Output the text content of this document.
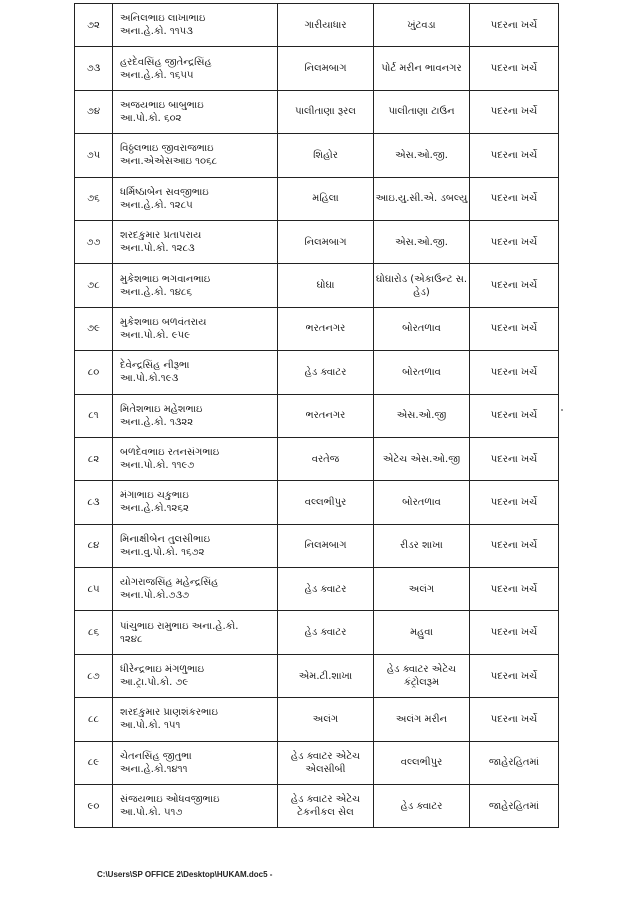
૭૨	અનિલભાઇ લાખાભાઇ
અના.હે.કો. ૧૧૫૩	ગારીયાધાર	ખુંટવડા	પદરના ખર્ચે

૭૩	હરદેવસિંહ જીતેન્દ્રસિંહ
અના.હે.કો. ૧૬૫૫	નિલમબાગ	પોર્ટ મરીન ભાવનગર	પદરના ખર્ચે

૭૪	અજયભાઇ બાબુભાઇ
આ.પો.કો. ૬૦૨	પાલીતાણા રૂરલ	પાલીતાણા ટાઉન	પદરના ખર્ચે

૭૫	વિઠ્ઠલભાઇ જીવરાજભાઇ
અના.એએસઆઇ ૧૦૬૮	શિહોર	એસ.ઓ.જી.	પદરના ખર્ચે

૭૬	ધર્મિષ્ઠાબેન સવજીભાઇ
અના.હે.કો. ૧૨૮૫	મહિલા	આઇ.યુ.સી.એ. ડબલ્યુ	પદરના ખર્ચે

૭૭	શરદકુમાર પ્રતાપરાય
અના.પો.કો. ૧૨૮૩	નિલમબાગ	એસ.ઓ.જી.	પદરના ખર્ચે

૭૮	મુકેશભાઇ ભગવાનભાઇ
અના.હે.કો. ૧૪૮૬	ઘોઘા	ઘોઘારોડ (એકાઉન્ટ સ. હેડ)	પદરના ખર્ચે

૭૯	મુકેશભાઇ બળવંતરાય
અના.પો.કો. ૯૫૯	ભરતનગર	બોરતળાવ	પદરના ખર્ચે

૮૦	દેવેન્દ્રસિંહ નીરૂભા
આ.પો.કો.૧૯૩	હેડ ક્વાટર	બોરતળાવ	પદરના ખર્ચે

૮૧	મિતેશભાઇ મહેશભાઇ
અના.હે.કો. ૧૩૨૨	ભરતનગર	એસ.ઓ.જી	પદરના ખર્ચે

૮૨	બળદેવભાઇ રતનસંગભાઇ
અના.પો.કો. ૧૧૯૭	વરતેજ	એટેચ એસ.ઓ.જી	પદરના ખર્ચે

૮૩	મંગાભાઇ ચકુભાઇ
અના.હે.કો.૧૨૬૨	વલ્લભીપુર	બોરતળાવ	પદરના ખર્ચે

૮૪	મિનાક્ષીબેન તુલસીભાઇ
અના.વુ.પો.કો. ૧૬૭૨	નિલમબાગ	રીડર શાખા	પદરના ખર્ચે

૮૫	યોગરાજસિંહ મહેન્દ્રસિંહ
અના.પો.કો.૭૩૭	હેડ ક્વાટર	અલંગ	પદરના ખર્ચે

૮૬	પાંચુભાઇ રામુભાઇ અના.હે.કો.
૧૨૪૮	હેડ ક્વાટર	મહુવા	પદરના ખર્ચે

૮૭	ધીરેન્દ્રભાઇ મંગળુભાઇ
આ.ટ્રા.પો.કો. ૭૯	એમ.ટી.શાખા	હેડ ક્વાટર એટેચ કંટ્રોલરૂમ	પદરના ખર્ચે

૮૮	શરદકુમાર પ્રાણશંકરભાઇ
આ.પો.કો. ૧૫૧	અલંગ	અલંગ મરીન	પદરના ખર્ચે

૮૯	ચેતનસિંહ જીતુભા
અના.હે.કો.૧૪૧૧	હેડ ક્વાટર એટેચ એલસીબી	વલ્લભીપુર	જાહેરહિતમાં

૯૦	સંજયભાઇ ઓધવજીભાઇ
આ.પો.કો. ૫૧૭	હેડ ક્વાટર એટેચ ટેકનીકલ સેલ	હેડ ક્વાટર	જાહેરહિતમાં
C:\Users\SP OFFICE 2\Desktop\HUKAM.doc5 -
